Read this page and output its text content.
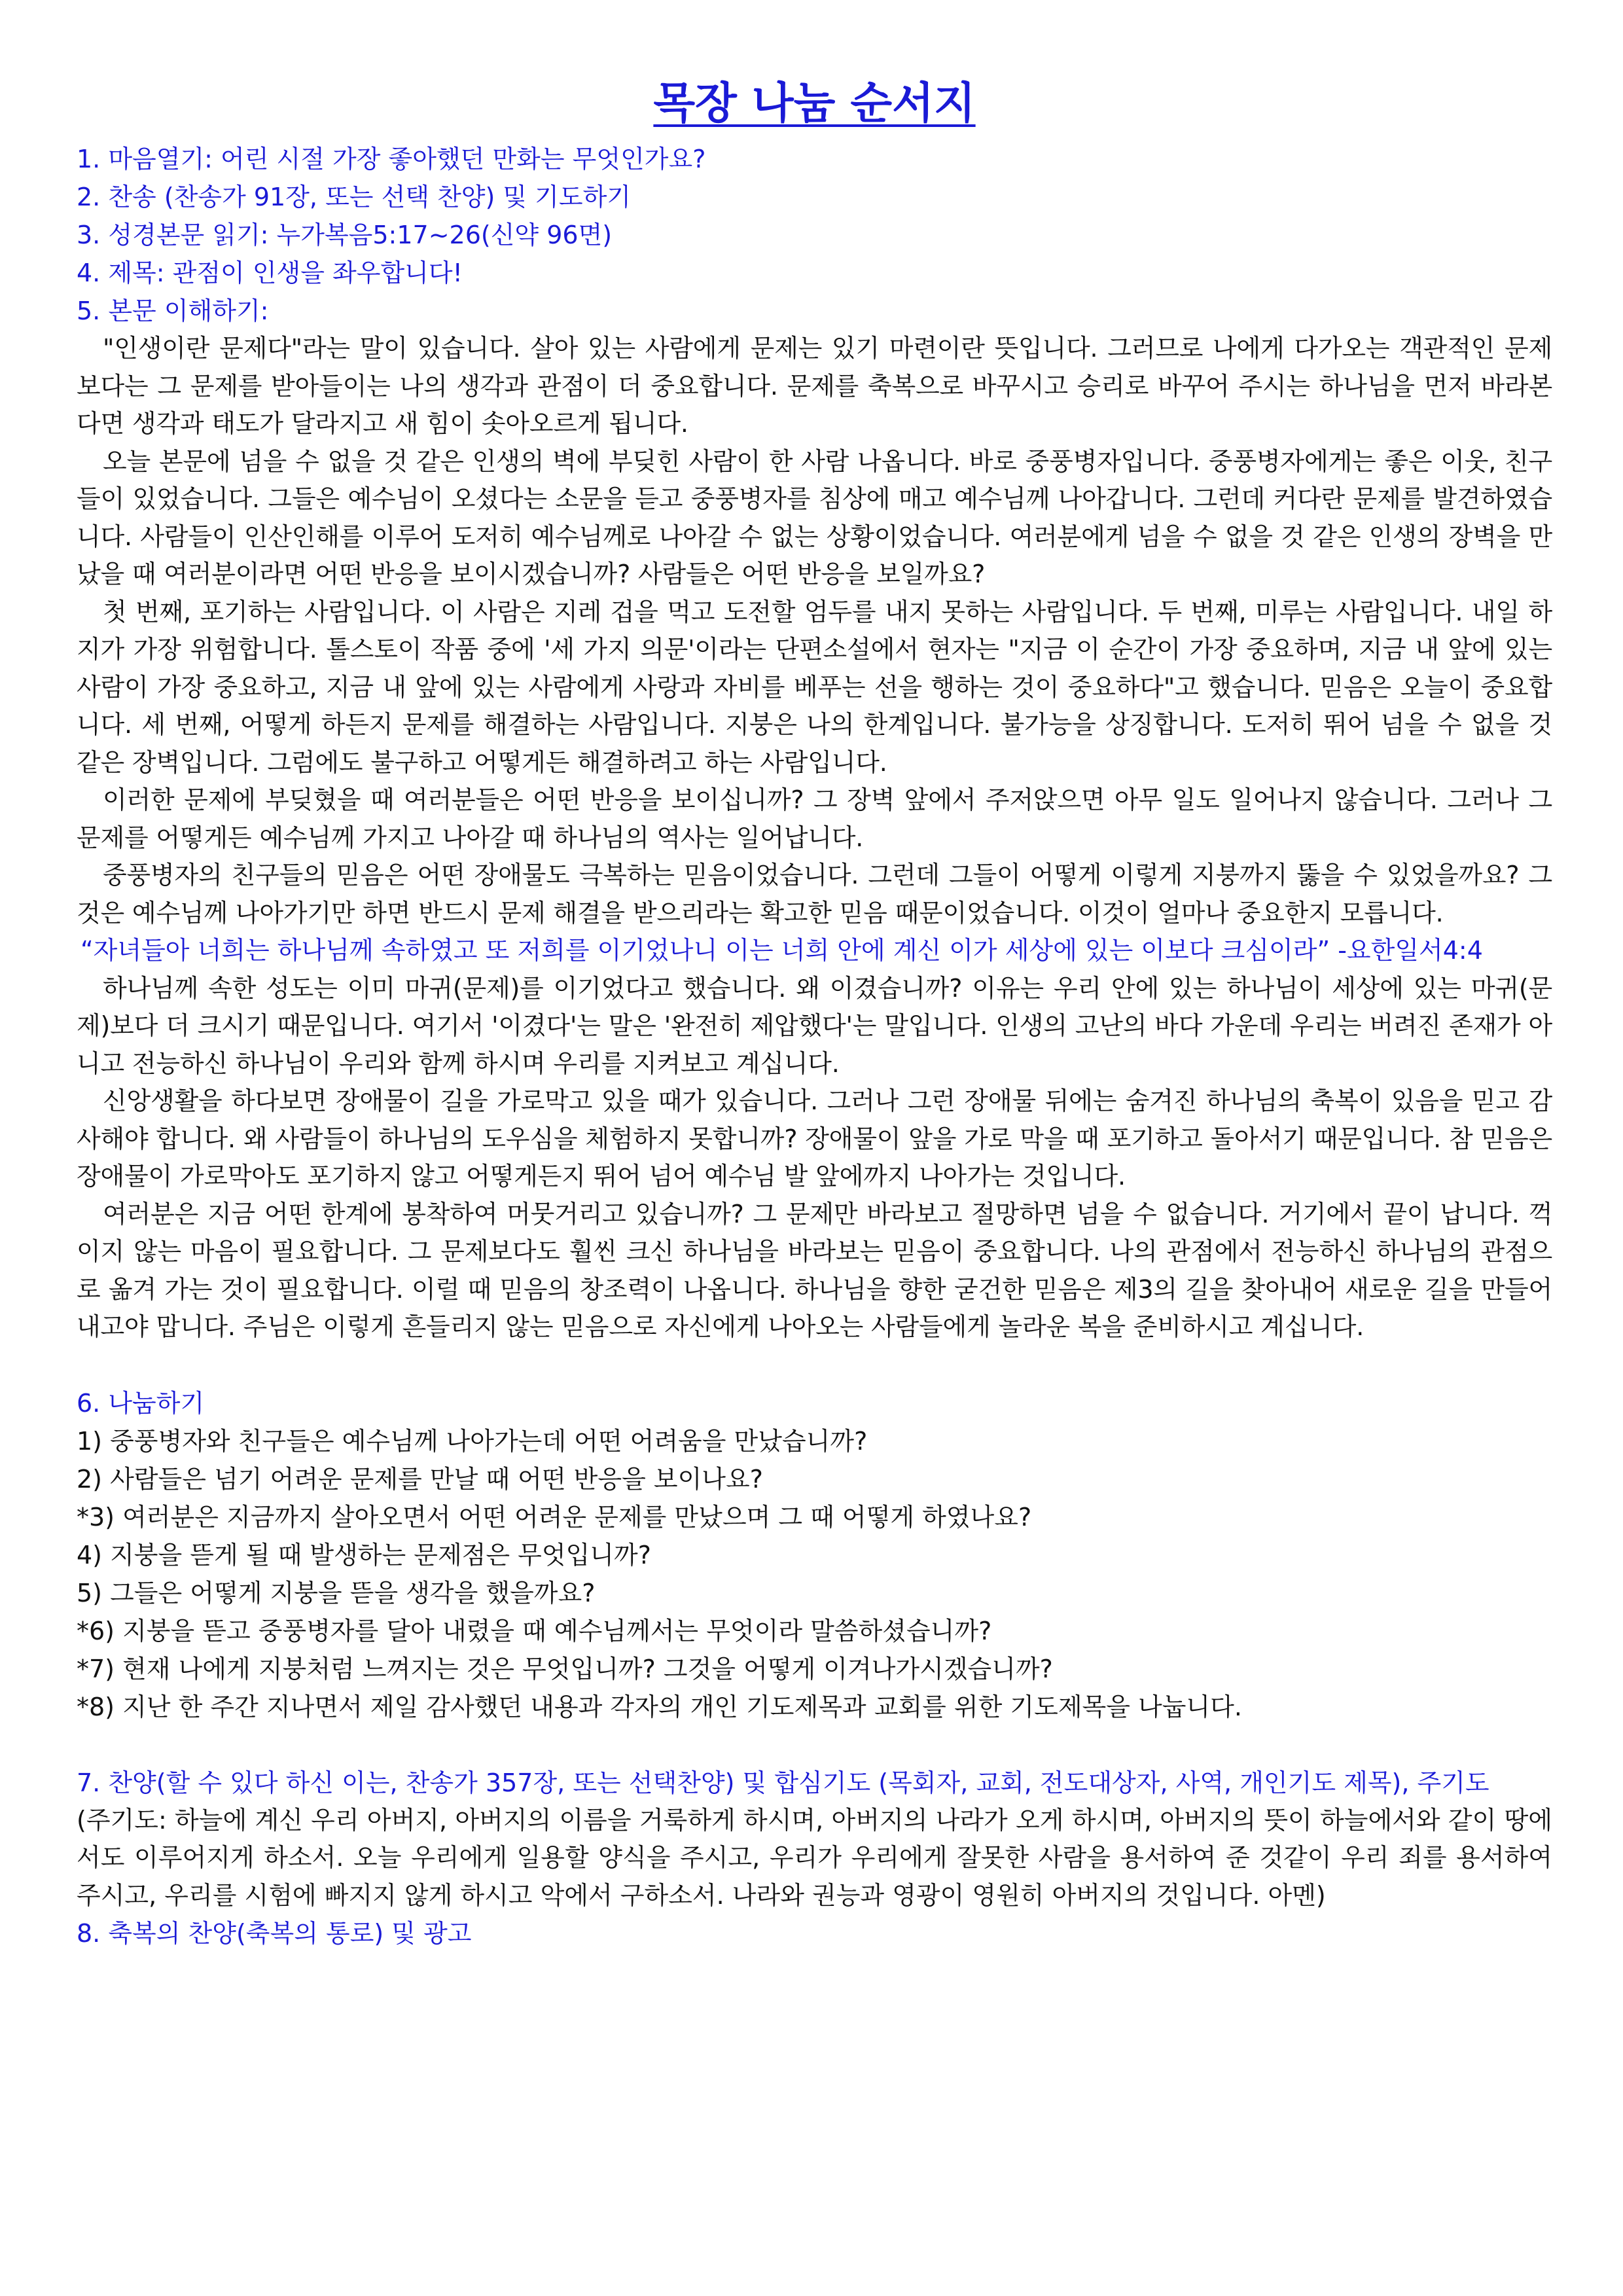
목장 나눔 순서지

1. 마음열기: 어린 시절 가장 좋아했던 만화는 무엇인가요?

2. 찬송 (찬송가 91장, 또는 선택 찬양) 및 기도하기

3. 성경본문 읽기: 누가복음5:17~26(신약 96면)

4. 제목: 관점이 인생을 좌우합니다!

5. 본문 이해하기:

"인생이란 문제다"라는 말이 있습니다. 살아 있는 사람에게 문제는 있기 마련이란 뜻입니다. 그러므로 나에게 다가오는 객관적인 문제 보다는 그 문제를 받아들이는 나의 생각과 관점이 더 중요합니다. 문제를 축복으로 바꾸시고 승리로 바꾸어 주시는 하나님을 먼저 바라본다면 생각과 태도가 달라지고 새 힘이 솟아오르게 됩니다.

오늘 본문에 넘을 수 없을 것 같은 인생의 벽에 부딪힌 사람이 한 사람 나옵니다. 바로 중풍병자입니다. 중풍병자에게는 좋은 이웃, 친구들이 있었습니다. 그들은 예수님이 오셨다는 소문을 듣고 중풍병자를 침상에 매고 예수님께 나아갑니다. 그런데 커다란 문제를 발견하였습니다. 사람들이 인산인해를 이루어 도저히 예수님께로 나아갈 수 없는 상황이었습니다. 여러분에게 넘을 수 없을 것 같은 인생의 장벽을 만났을 때 여러분이라면 어떤 반응을 보이시겠습니까? 사람들은 어떤 반응을 보일까요?

첫 번째, 포기하는 사람입니다. 이 사람은 지레 겁을 먹고 도전할 엄두를 내지 못하는 사람입니다. 두 번째, 미루는 사람입니다. 내일 하지가 가장 위험합니다. 톨스토이 작품 중에 '세 가지 의문'이라는 단편소설에서 현자는 "지금 이 순간이 가장 중요하며, 지금 내 앞에 있는 사람이 가장 중요하고, 지금 내 앞에 있는 사람에게 사랑과 자비를 베푸는 선을 행하는 것이 중요하다"고 했습니다. 믿음은 오늘이 중요합니다. 세 번째, 어떻게 하든지 문제를 해결하는 사람입니다. 지붕은 나의 한계입니다. 불가능을 상징합니다. 도저히 뛰어 넘을 수 없을 것 같은 장벽입니다. 그럼에도 불구하고 어떻게든 해결하려고 하는 사람입니다.

이러한 문제에 부딪혔을 때 여러분들은 어떤 반응을 보이십니까? 그 장벽 앞에서 주저앉으면 아무 일도 일어나지 않습니다. 그러나 그 문제를 어떻게든 예수님께 가지고 나아갈 때 하나님의 역사는 일어납니다.

중풍병자의 친구들의 믿음은 어떤 장애물도 극복하는 믿음이었습니다. 그런데 그들이 어떻게 이렇게 지붕까지 뚫을 수 있었을까요? 그것은 예수님께 나아가기만 하면 반드시 문제 해결을 받으리라는 확고한 믿음 때문이었습니다. 이것이 얼마나 중요한지 모릅니다.

“자녀들아 너희는 하나님께 속하였고 또 저희를 이기었나니 이는 너희 안에 계신 이가 세상에 있는 이보다 크심이라” -요한일서4:4

하나님께 속한 성도는 이미 마귀(문제)를 이기었다고 했습니다. 왜 이겼습니까? 이유는 우리 안에 있는 하나님이 세상에 있는 마귀(문제)보다 더 크시기 때문입니다. 여기서 '이겼다'는 말은 '완전히 제압했다'는 말입니다. 인생의 고난의 바다 가운데 우리는 버려진 존재가 아니고 전능하신 하나님이 우리와 함께 하시며 우리를 지켜보고 계십니다.

신앙생활을 하다보면 장애물이 길을 가로막고 있을 때가 있습니다. 그러나 그런 장애물 뒤에는 숨겨진 하나님의 축복이 있음을 믿고 감사해야 합니다. 왜 사람들이 하나님의 도우심을 체험하지 못합니까? 장애물이 앞을 가로 막을 때 포기하고 돌아서기 때문입니다. 참 믿음은 장애물이 가로막아도 포기하지 않고 어떻게든지 뛰어 넘어 예수님 발 앞에까지 나아가는 것입니다.

여러분은 지금 어떤 한계에 봉착하여 머뭇거리고 있습니까? 그 문제만 바라보고 절망하면 넘을 수 없습니다. 거기에서 끝이 납니다. 꺽이지 않는 마음이 필요합니다. 그 문제보다도 훨씬 크신 하나님을 바라보는 믿음이 중요합니다. 나의 관점에서 전능하신 하나님의 관점으로 옮겨 가는 것이 필요합니다. 이럴 때 믿음의 창조력이 나옵니다. 하나님을 향한 굳건한 믿음은 제3의 길을 찾아내어 새로운 길을 만들어 내고야 맙니다. 주님은 이렇게 흔들리지 않는 믿음으로 자신에게 나아오는 사람들에게 놀라운 복을 준비하시고 계십니다.

6. 나눔하기

1) 중풍병자와 친구들은 예수님께 나아가는데 어떤 어려움을 만났습니까?

2) 사람들은 넘기 어려운 문제를 만날 때 어떤 반응을 보이나요?

*3) 여러분은 지금까지 살아오면서 어떤 어려운 문제를 만났으며 그 때 어떻게 하였나요?

4) 지붕을 뜯게 될 때 발생하는 문제점은 무엇입니까?

5) 그들은 어떻게 지붕을 뜯을 생각을 했을까요?

*6) 지붕을 뜯고 중풍병자를 달아 내렸을 때 예수님께서는 무엇이라 말씀하셨습니까?

*7) 현재 나에게 지붕처럼 느껴지는 것은 무엇입니까? 그것을 어떻게 이겨나가시겠습니까?

*8) 지난 한 주간 지나면서 제일 감사했던 내용과 각자의 개인 기도제목과 교회를 위한 기도제목을 나눕니다.

7. 찬양(할 수 있다 하신 이는, 찬송가 357장, 또는 선택찬양) 및 합심기도 (목회자, 교회, 전도대상자, 사역, 개인기도 제목), 주기도

(주기도: 하늘에 계신 우리 아버지, 아버지의 이름을 거룩하게 하시며, 아버지의 나라가 오게 하시며, 아버지의 뜻이 하늘에서와 같이 땅에서도 이루어지게 하소서. 오늘 우리에게 일용할 양식을 주시고, 우리가 우리에게 잘못한 사람을 용서하여 준 것같이 우리 죄를 용서하여 주시고, 우리를 시험에 빠지지 않게 하시고 악에서 구하소서. 나라와 권능과 영광이 영원히 아버지의 것입니다. 아멘)

8. 축복의 찬양(축복의 통로) 및 광고
